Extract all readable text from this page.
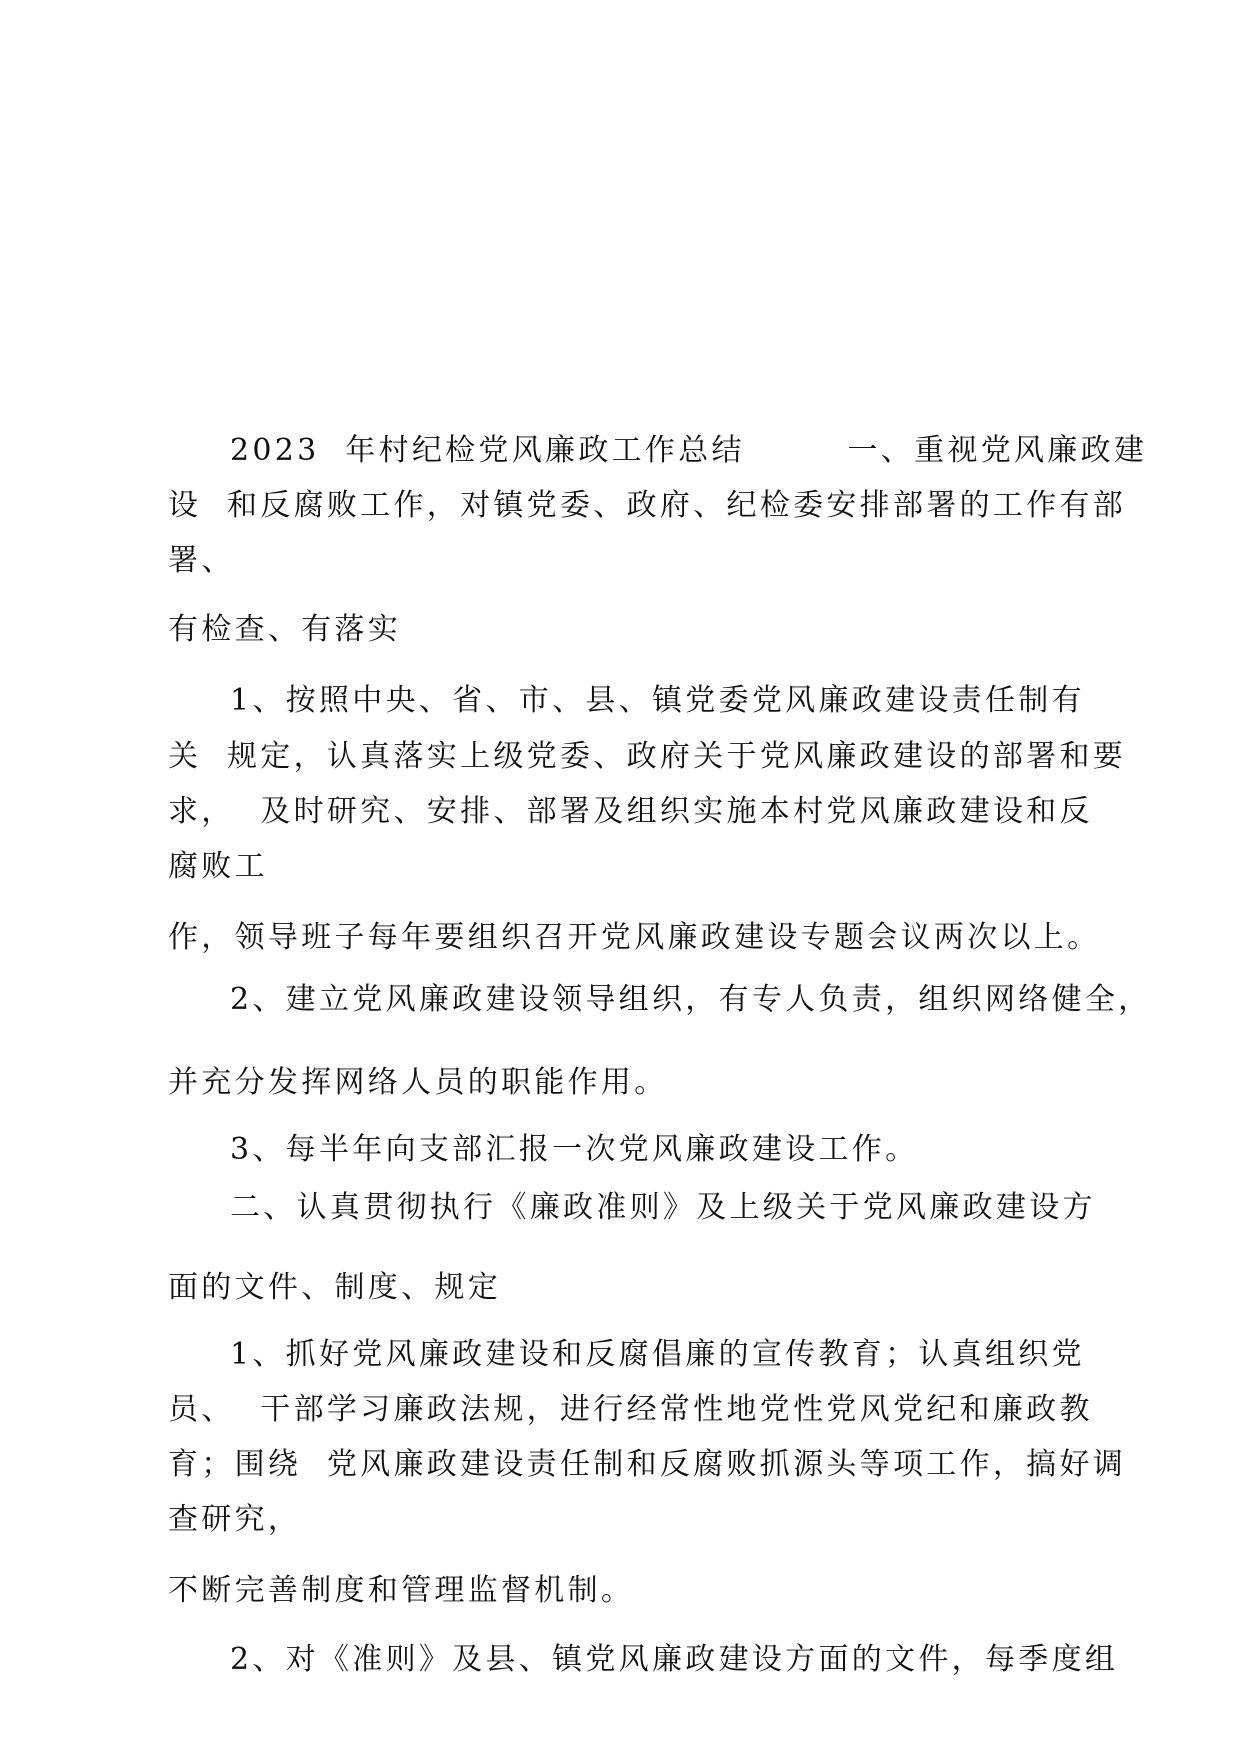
2023  年村纪检党风廉政工作总结        一、重视党风廉政建

设  和反腐败工作，对镇党委、政府、纪检委安排部署的工作有部

署、

有检查、有落实

1、按照中央、省、市、县、镇党委党风廉政建设责任制有

关  规定，认真落实上级党委、政府关于党风廉政建设的部署和要

求，  及时研究、安排、部署及组织实施本村党风廉政建设和反

腐败工

作，领导班子每年要组织召开党风廉政建设专题会议两次以上。

2、建立党风廉政建设领导组织，有专人负责，组织网络健全，

并充分发挥网络人员的职能作用。

3、每半年向支部汇报一次党风廉政建设工作。

二、认真贯彻执行《廉政准则》及上级关于党风廉政建设方

面的文件、制度、规定

1、抓好党风廉政建设和反腐倡廉的宣传教育；认真组织党

员、  干部学习廉政法规，进行经常性地党性党风党纪和廉政教

育；围绕  党风廉政建设责任制和反腐败抓源头等项工作，搞好调

查研究，

不断完善制度和管理监督机制。

2、对《准则》及县、镇党风廉政建设方面的文件，每季度组
